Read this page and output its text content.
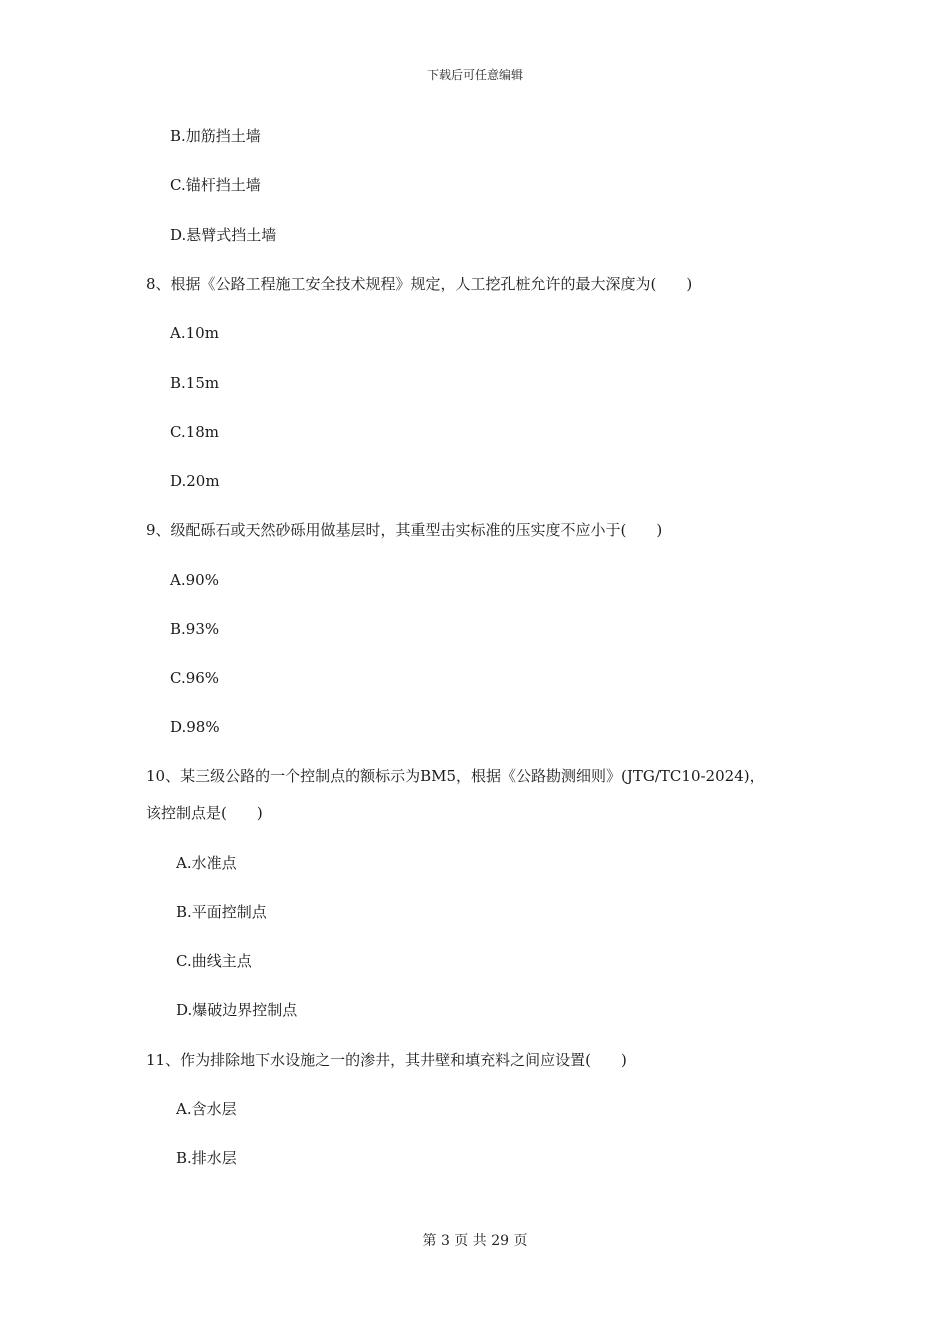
下载后可任意编辑
B.加筋挡土墙
C.锚杆挡土墙
D.悬臂式挡土墙
8、根据《公路工程施工安全技术规程》规定，人工挖孔桩允许的最大深度为(　　)
A.10m
B.15m
C.18m
D.20m
9、级配砾石或天然砂砾用做基层时，其重型击实标准的压实度不应小于(　　)
A.90%
B.93%
C.96%
D.98%
10、某三级公路的一个控制点的额标示为BM5，根据《公路勘测细则》(JTG/TC10-2024)，
该控制点是(　　)
A.水准点
B.平面控制点
C.曲线主点
D.爆破边界控制点
11、作为排除地下水设施之一的渗井，其井壁和填充料之间应设置(　　)
A.含水层
B.排水层
第 3 页 共 29 页
